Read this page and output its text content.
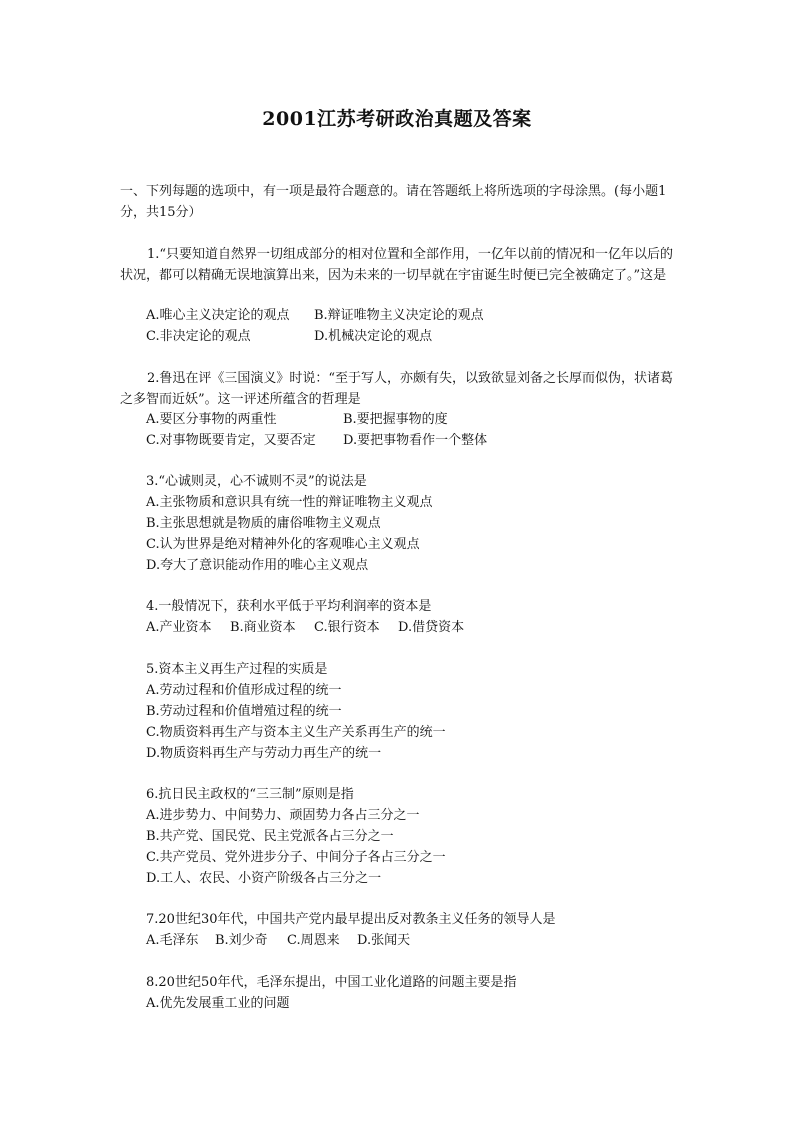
2001江苏考研政治真题及答案
一、下列每题的选项中，有一项是最符合题意的。请在答题纸上将所选项的字母涂黑。(每小题1分，共15分）
1.“只要知道自然界一切组成部分的相对位置和全部作用，一亿年以前的情况和一亿年以后的状况，都可以精确无误地演算出来，因为未来的一切早就在宇宙诞生时便已完全被确定了。”这是
A.唯心主义决定论的观点 B.辩证唯物主义决定论的观点
C.非决定论的观点	D.机械决定论的观点
2.鲁迅在评《三国演义》时说：“至于写人，亦颇有失，以致欲显刘备之长厚而似伪，状诸葛之多智而近妖”。这一评述所蕴含的哲理是
A.要区分事物的两重性	B.要把握事物的度
C.对事物既要肯定，又要否定 D.要把事物看作一个整体
3.“心诚则灵，心不诚则不灵”的说法是
A.主张物质和意识具有统一性的辩证唯物主义观点
B.主张思想就是物质的庸俗唯物主义观点
C.认为世界是绝对精神外化的客观唯心主义观点
D.夸大了意识能动作用的唯心主义观点
4.一般情况下，获利水平低于平均利润率的资本是
A.产业资本 B.商业资本 C.银行资本 D.借贷资本
5.资本主义再生产过程的实质是
A.劳动过程和价值形成过程的统一
B.劳动过程和价值增殖过程的统一
C.物质资料再生产与资本主义生产关系再生产的统一
D.物质资料再生产与劳动力再生产的统一
6.抗日民主政权的“三三制”原则是指
A.进步势力、中间势力、顽固势力各占三分之一
B.共产党、国民党、民主党派各占三分之一
C.共产党员、党外进步分子、中间分子各占三分之一
D.工人、农民、小资产阶级各占三分之一
7.20世纪30年代，中国共产党内最早提出反对教条主义任务的领导人是
A.毛泽东 B.刘少奇 C.周恩来 D.张闻天
8.20世纪50年代，毛泽东提出，中国工业化道路的问题主要是指
A.优先发展重工业的问题
